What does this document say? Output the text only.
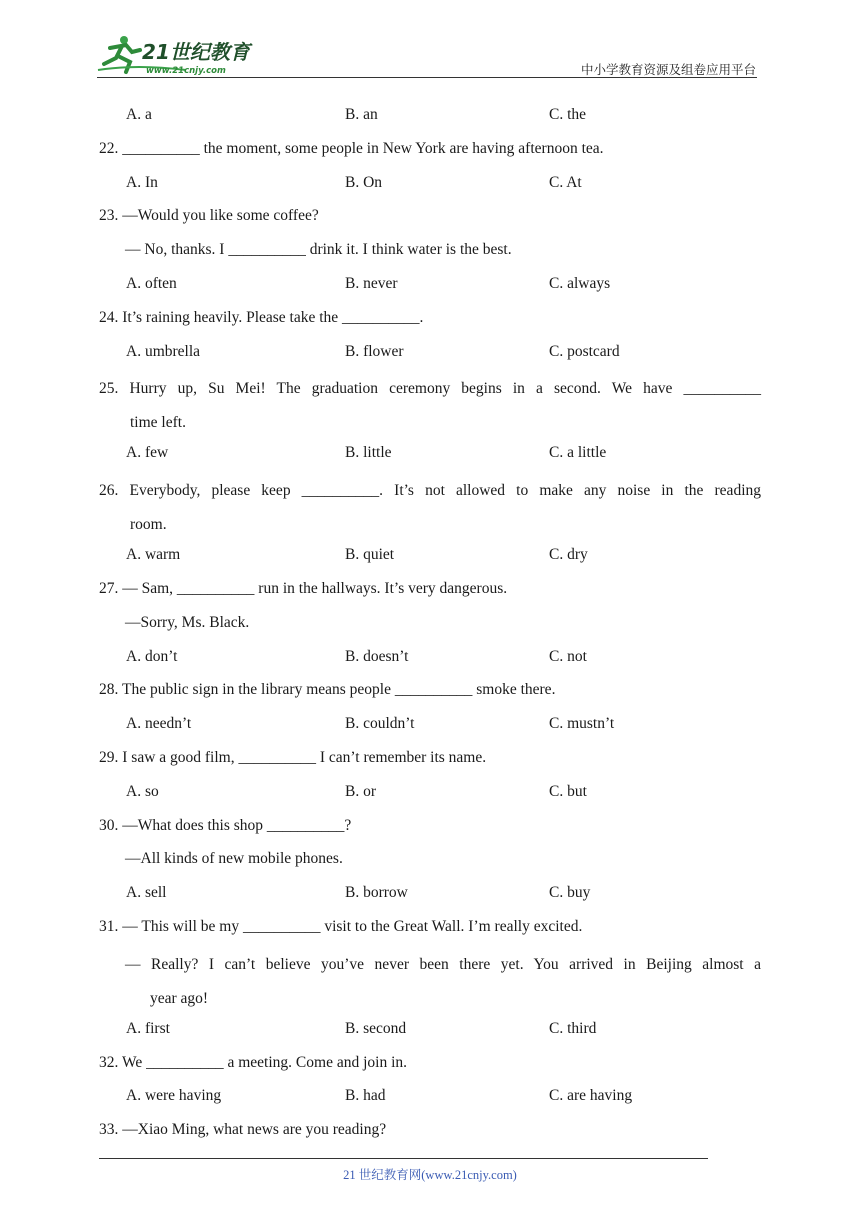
21世纪教育
www.21cnjy.com	中小学教育资源及组卷应用平台
A. a	B. an	C. the
22. __________ the moment, some people in New York are having afternoon tea.
A. In	B. On	C. At
23. —Would you like some coffee?
— No, thanks. I __________ drink it. I think water is the best.
A. often	B. never	C. always
24. It’s raining heavily. Please take the __________.
A. umbrella	B. flower	C. postcard
25. Hurry up, Su Mei! The graduation ceremony begins in a second. We have __________
time left.
A. few	B. little	C. a little
26. Everybody, please keep __________. It’s not allowed to make any noise in the reading
room.
A. warm	B. quiet	C. dry
27. — Sam, __________ run in the hallways. It’s very dangerous.
—Sorry, Ms. Black.
A. don’t	B. doesn’t	C. not
28. The public sign in the library means people __________ smoke there.
A. needn’t	B. couldn’t	C. mustn’t
29. I saw a good film, __________ I can’t remember its name.
A. so	B. or	C. but
30. —What does this shop __________?
—All kinds of new mobile phones.
A. sell	B. borrow	C. buy
31. — This will be my __________ visit to the Great Wall. I’m really excited.
— Really? I can’t believe you’ve never been there yet. You arrived in Beijing almost a
year ago!
A. first	B. second	C. third
32. We __________ a meeting. Come and join in.
A. were having	B. had	C. are having
33. —Xiao Ming, what news are you reading?
21 世纪教育网(www.21cnjy.com)
